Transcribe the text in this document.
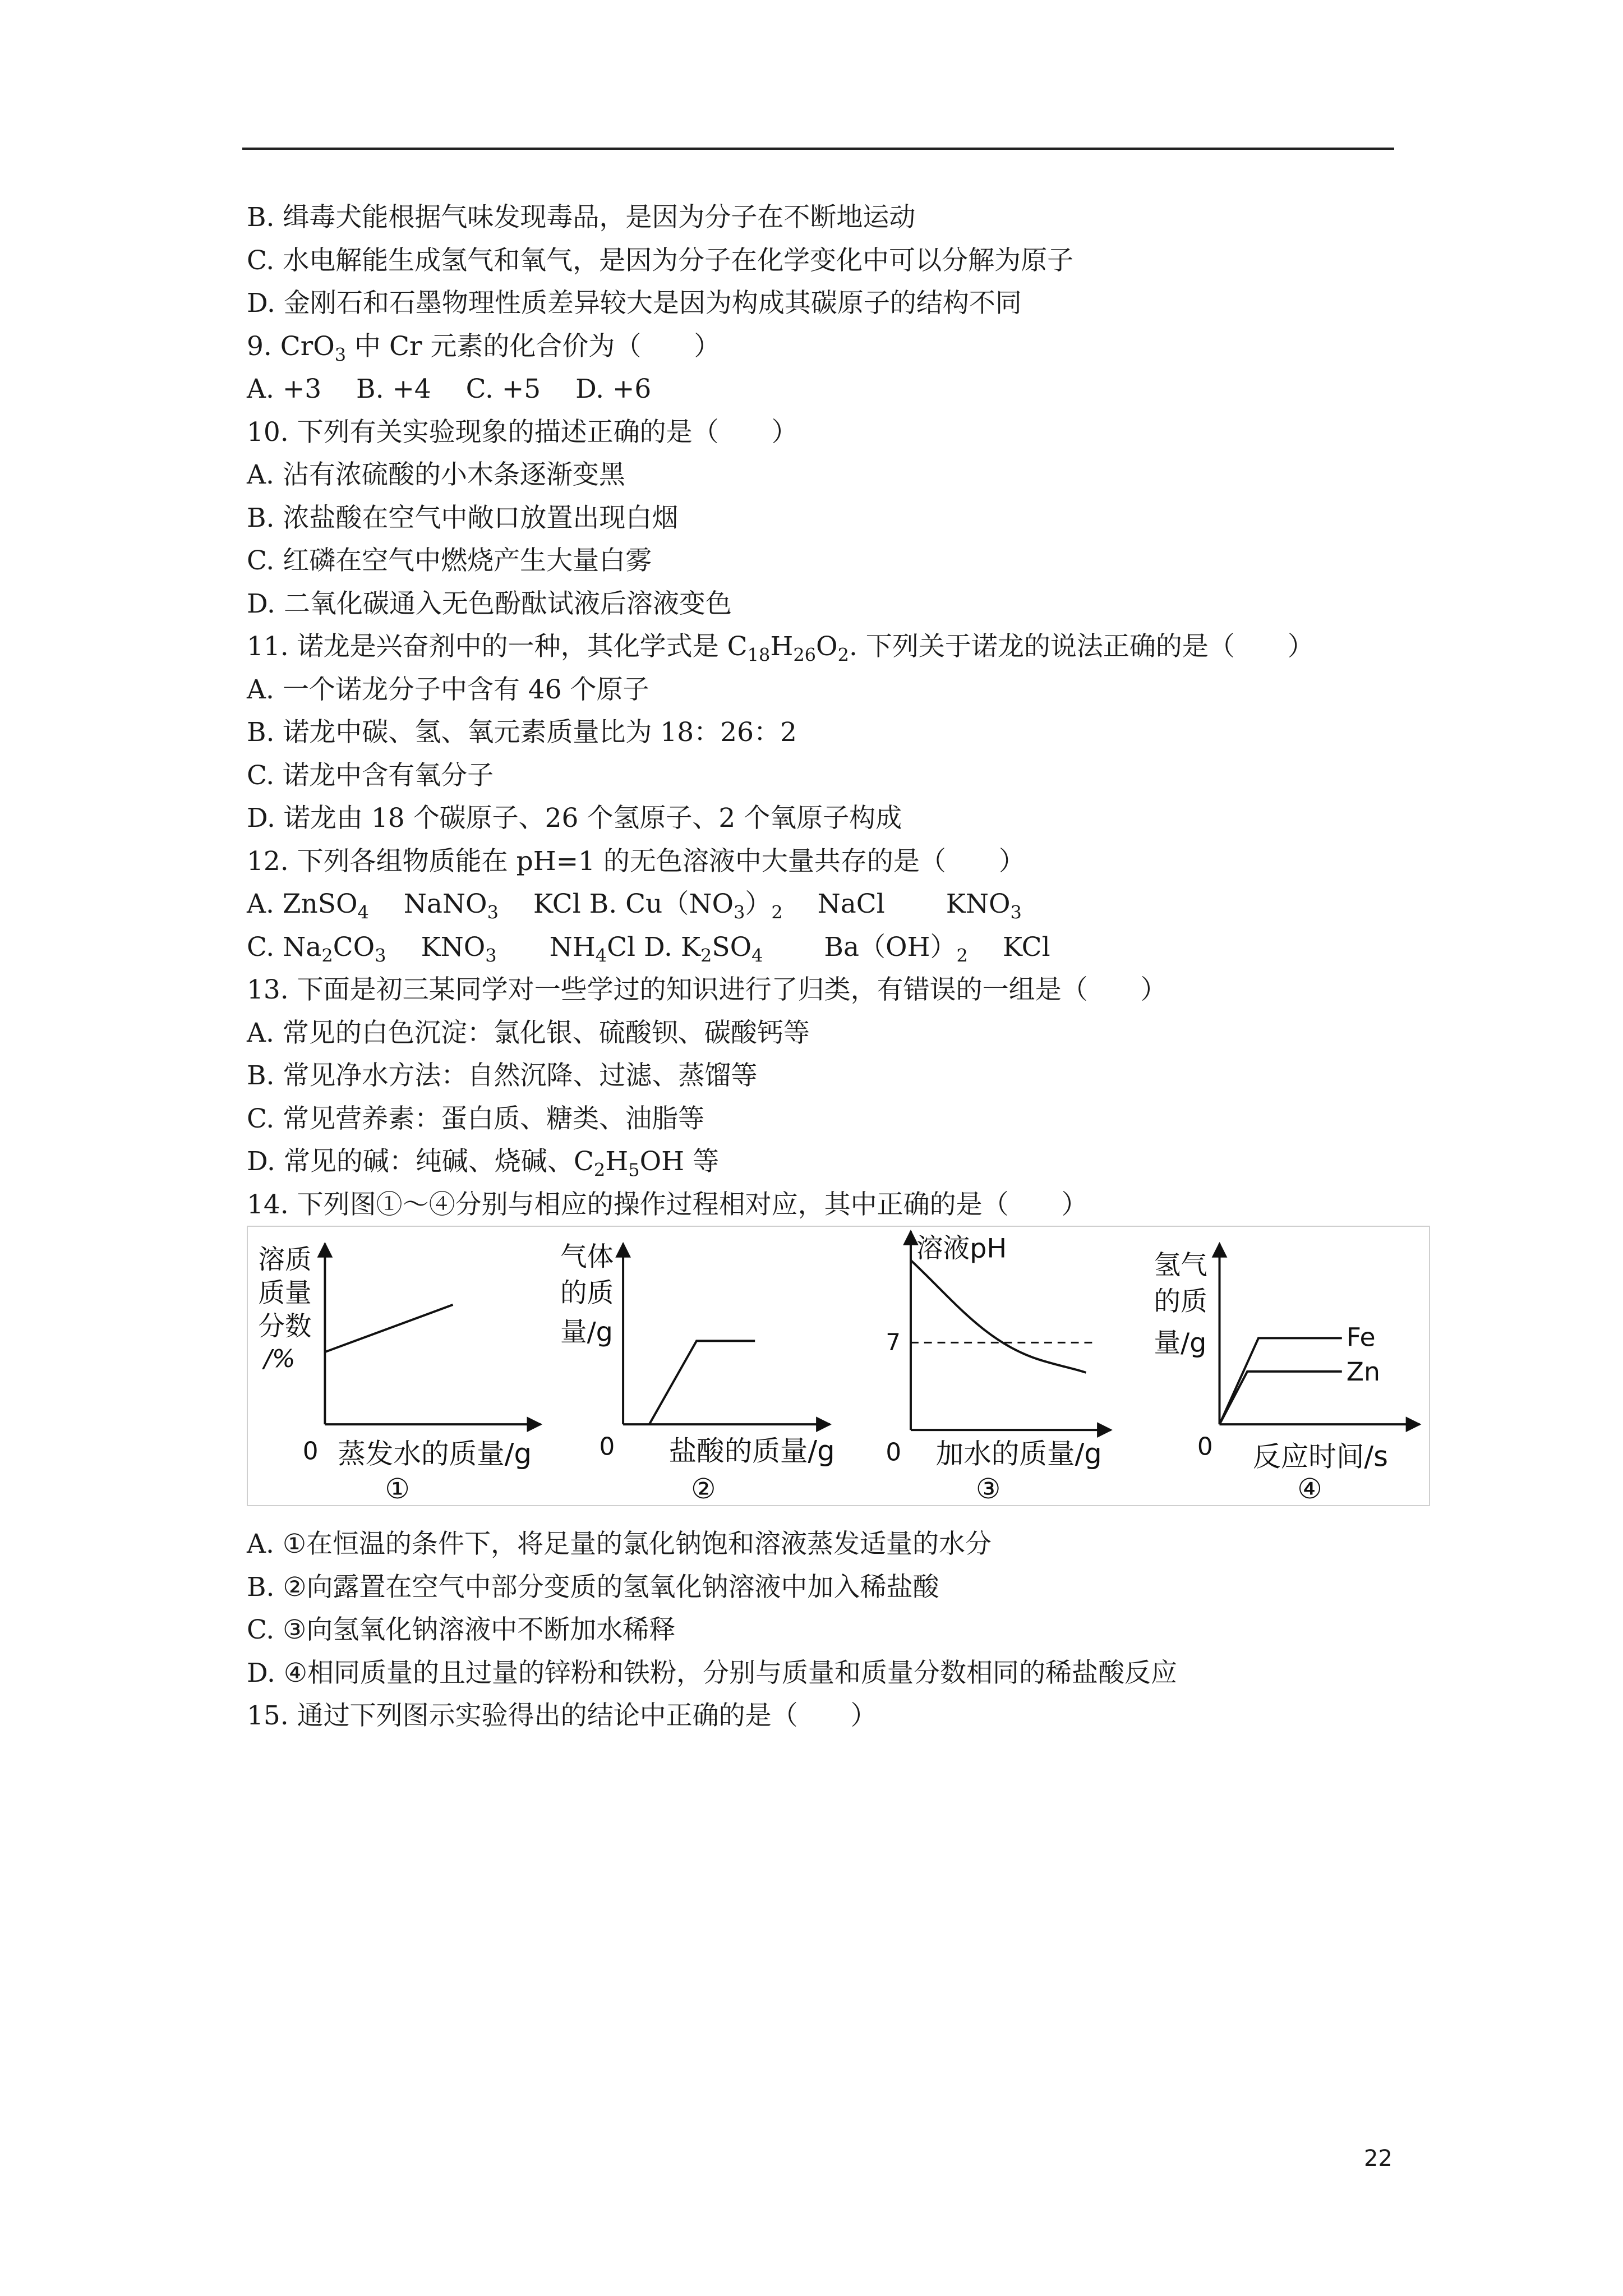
B. 缉毒犬能根据气味发现毒品，是因为分子在不断地运动
C. 水电解能生成氢气和氧气，是因为分子在化学变化中可以分解为原子
D. 金刚石和石墨物理性质差异较大是因为构成其碳原子的结构不同
9. CrO$_3$ 中 Cr 元素的化合价为（　　）
A. +3　 B. +4　 C. +5　 D. +6
10. 下列有关实验现象的描述正确的是（　　）
A. 沾有浓硫酸的小木条逐渐变黑
B. 浓盐酸在空气中敞口放置出现白烟
C. 红磷在空气中燃烧产生大量白雾
D. 二氧化碳通入无色酚酞试液后溶液变色
11. 诺龙是兴奋剂中的一种，其化学式是 $C_{18}H_{26}O_2$. 下列关于诺龙的说法正确的是（　　）
A. 一个诺龙分子中含有 46 个原子
B. 诺龙中碳、氢、氧元素质量比为 18：26：2
C. 诺龙中含有氧分子
D. 诺龙由 18 个碳原子、26 个氢原子、2 个氧原子构成
12. 下列各组物质能在 pH=1 的无色溶液中大量共存的是（　　）
A. ZnSO$_4$　 NaNO$_3$　 KCl B. $Cu(NO_3)_2$　 NaCl　　 $KNO_3$
C. $Na_2CO_3$　 $KNO_3$　　$NH_4Cl$ D. $K_2SO_4$　　 $Ba(OH)_2$　 KCl
13. 下面是初三某同学对一些学过的知识进行了归类，有错误的一组是（　　）
A. 常见的白色沉淀：氯化银、硫酸钡、碳酸钙等
B. 常见净水方法：自然沉降、过滤、蒸馏等
C. 常见营养素：蛋白质、糖类、油脂等
D. 常见的碱：纯碱、烧碱、$C_2H_5OH$ 等
14. 下列图①～④分别与相应的操作过程相对应，其中正确的是（　　）
溶质
质量
分数
/%
0 蒸发水的质量/g
①
气体
的质
量/g
0 盐酸的质量/g
②
溶液pH
7
0 加水的质量/g
③
氢气
的质
量/g	Fe
Zn
0 反应时间/s
④
A. ①在恒温的条件下，将足量的氯化钠饱和溶液蒸发适量的水分
B. ②向露置在空气中部分变质的氢氧化钠溶液中加入稀盐酸
C. ③向氢氧化钠溶液中不断加水稀释
D. ④相同质量的且过量的锌粉和铁粉，分别与质量和质量分数相同的稀盐酸反应
15. 通过下列图示实验得出的结论中正确的是（　　）
22
